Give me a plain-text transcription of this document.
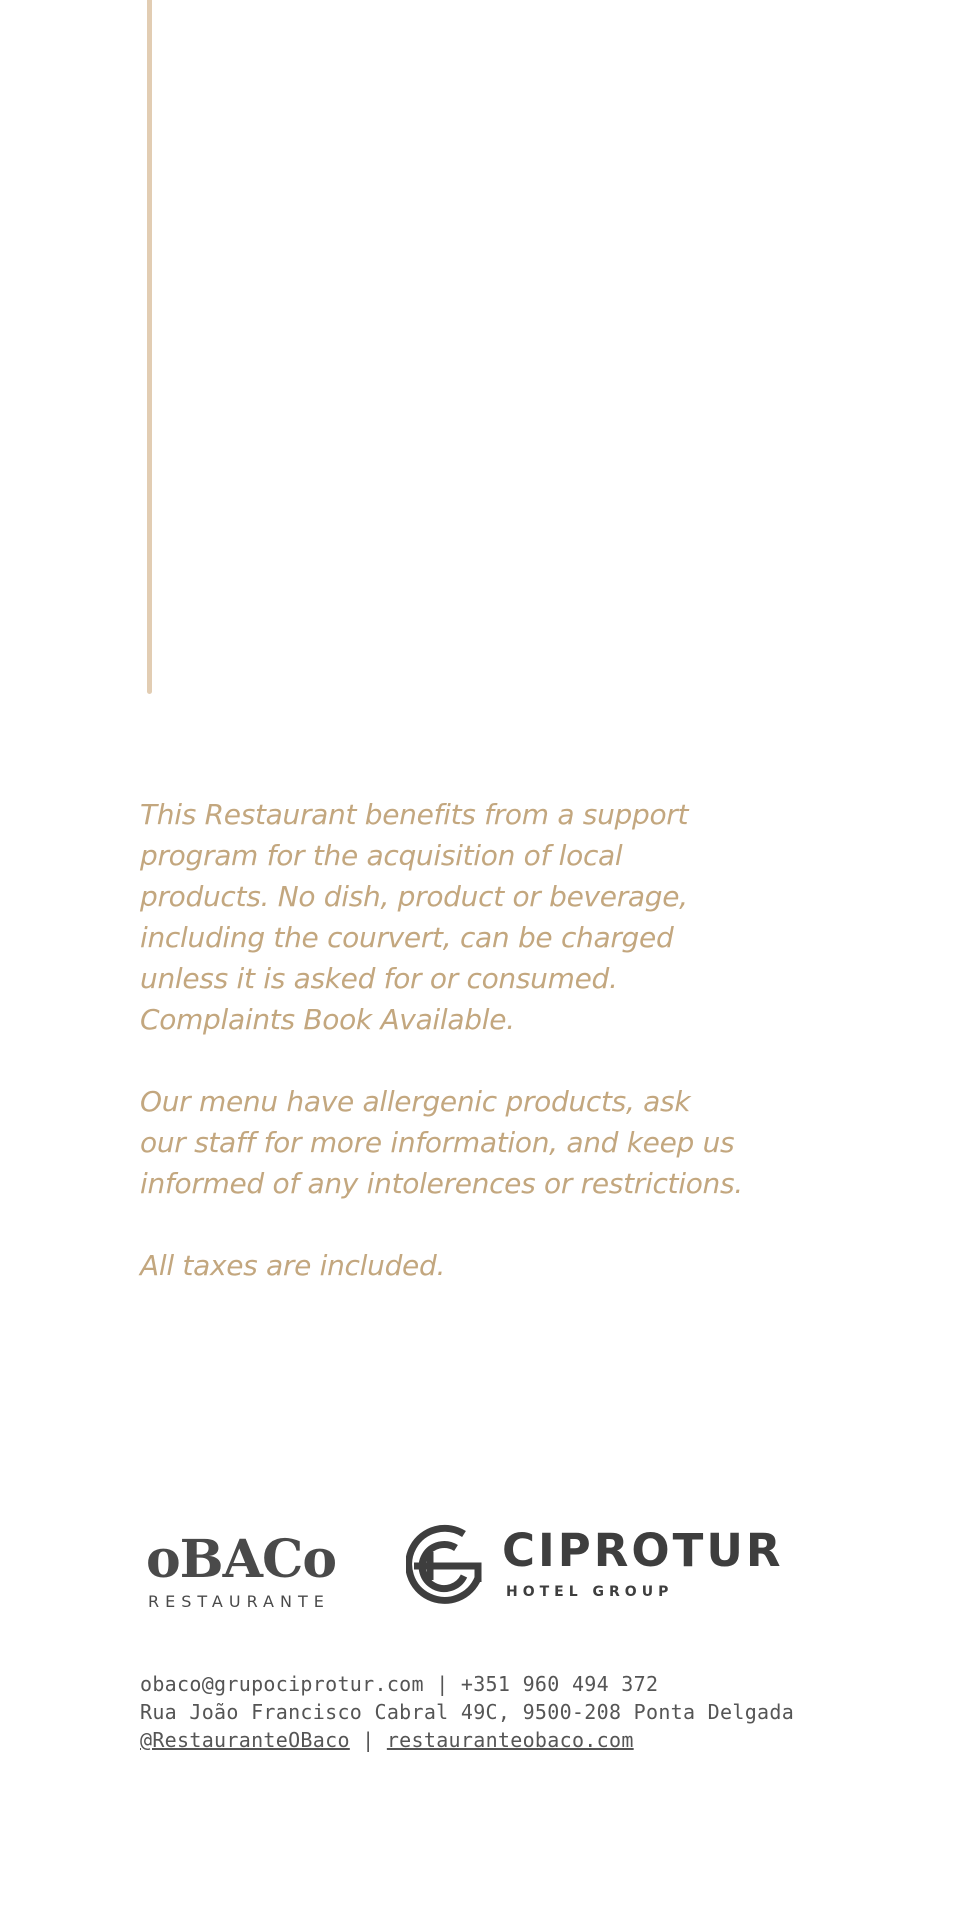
This Restaurant benefits from a support
program for the acquisition of local
products. No dish, product or beverage,
including the courvert, can be charged
unless it is asked for or consumed.
Complaints Book Available.

Our menu have allergenic products, ask
our staff for more information, and keep us
informed of any intolerences or restrictions.

All taxes are included.

oBACo
RESTAURANTE
CIPROTUR
HOTEL GROUP
obaco@grupociprotur.com | +351 960 494 372
Rua João Francisco Cabral 49C, 9500-208 Ponta Delgada
@RestauranteOBaco | restauranteobaco.com
